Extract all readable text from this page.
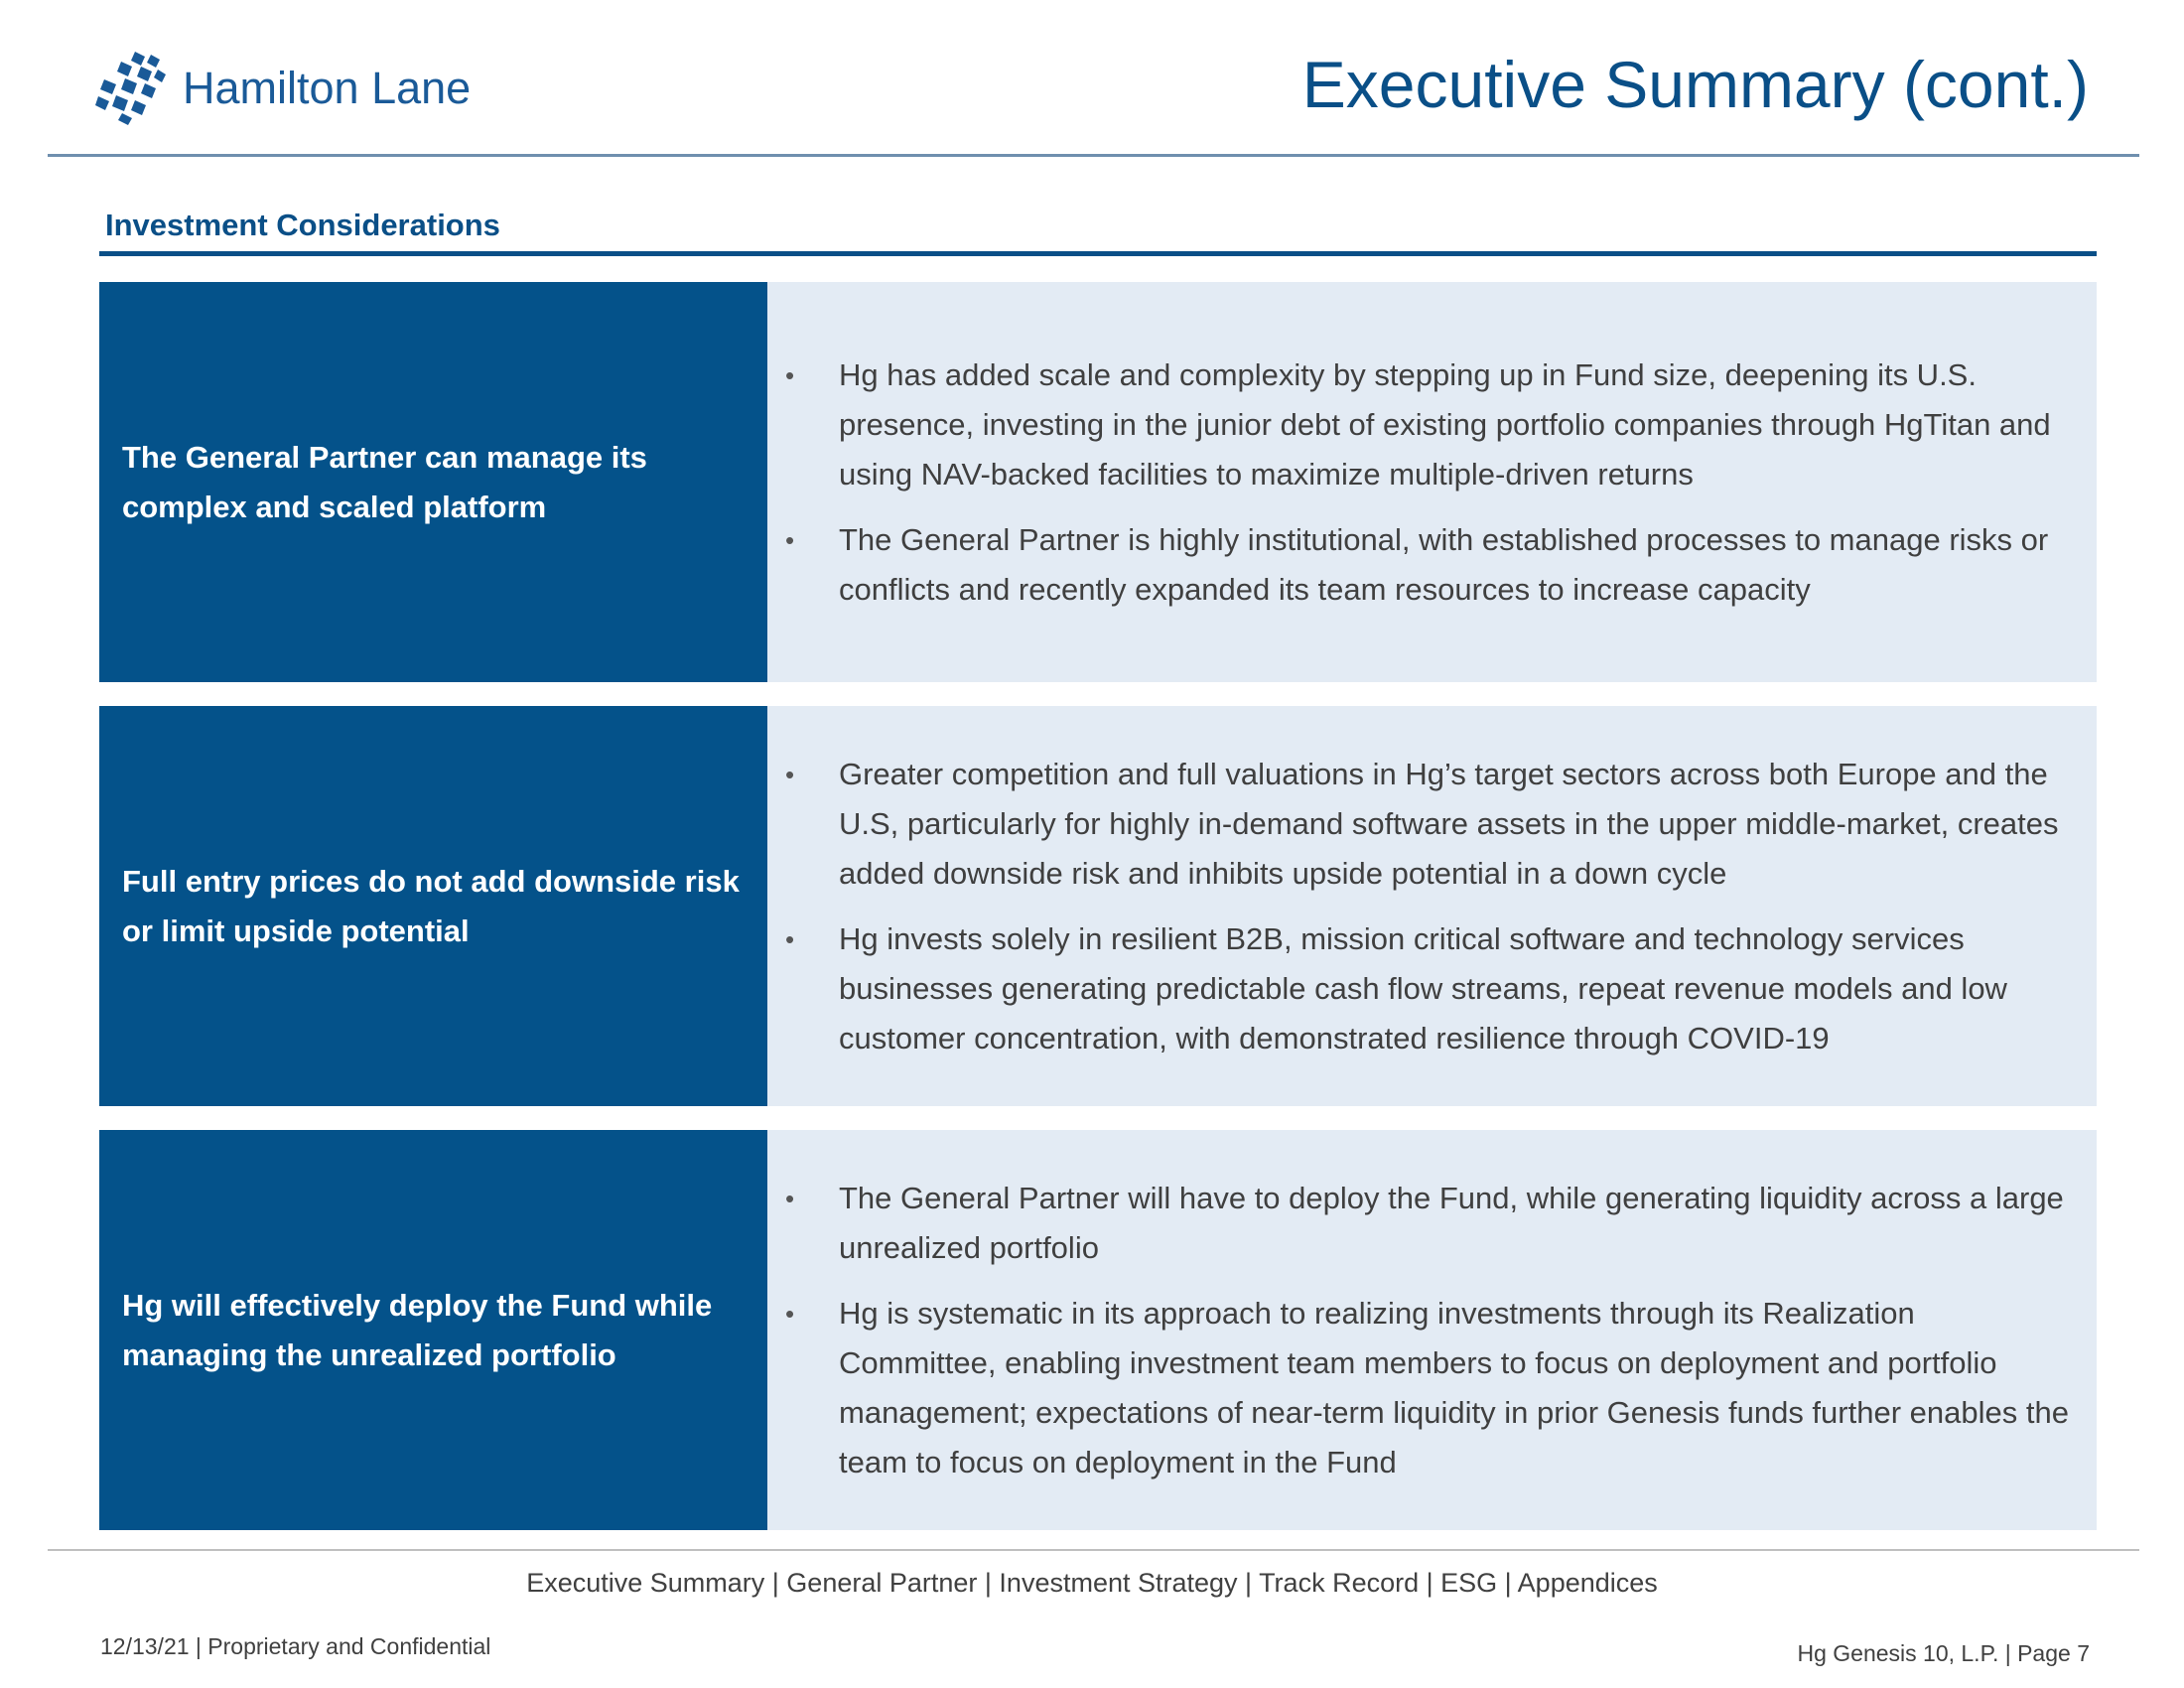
Hamilton Lane	Executive Summary (cont.)
Investment Considerations
The General Partner can manage its complex and scaled platform
•	Hg has added scale and complexity by stepping up in Fund size, deepening its U.S. presence, investing in the junior debt of existing portfolio companies through HgTitan and using NAV-backed facilities to maximize multiple-driven returns
•	The General Partner is highly institutional, with established processes to manage risks or conflicts and recently expanded its team resources to increase capacity
Full entry prices do not add downside risk or limit upside potential
•	Greater competition and full valuations in Hg’s target sectors across both Europe and the U.S, particularly for highly in-demand software assets in the upper middle-market, creates added downside risk and inhibits upside potential in a down cycle
•	Hg invests solely in resilient B2B, mission critical software and technology services businesses generating predictable cash flow streams, repeat revenue models and low customer concentration, with demonstrated resilience through COVID-19
Hg will effectively deploy the Fund while managing the unrealized portfolio
•	The General Partner will have to deploy the Fund, while generating liquidity across a large unrealized portfolio
•	Hg is systematic in its approach to realizing investments through its Realization Committee, enabling investment team members to focus on deployment and portfolio management; expectations of near-term liquidity in prior Genesis funds further enables the team to focus on deployment in the Fund
Executive Summary | General Partner | Investment Strategy | Track Record | ESG | Appendices
12/13/21 | Proprietary and Confidential	Hg Genesis 10, L.P. | Page 7
